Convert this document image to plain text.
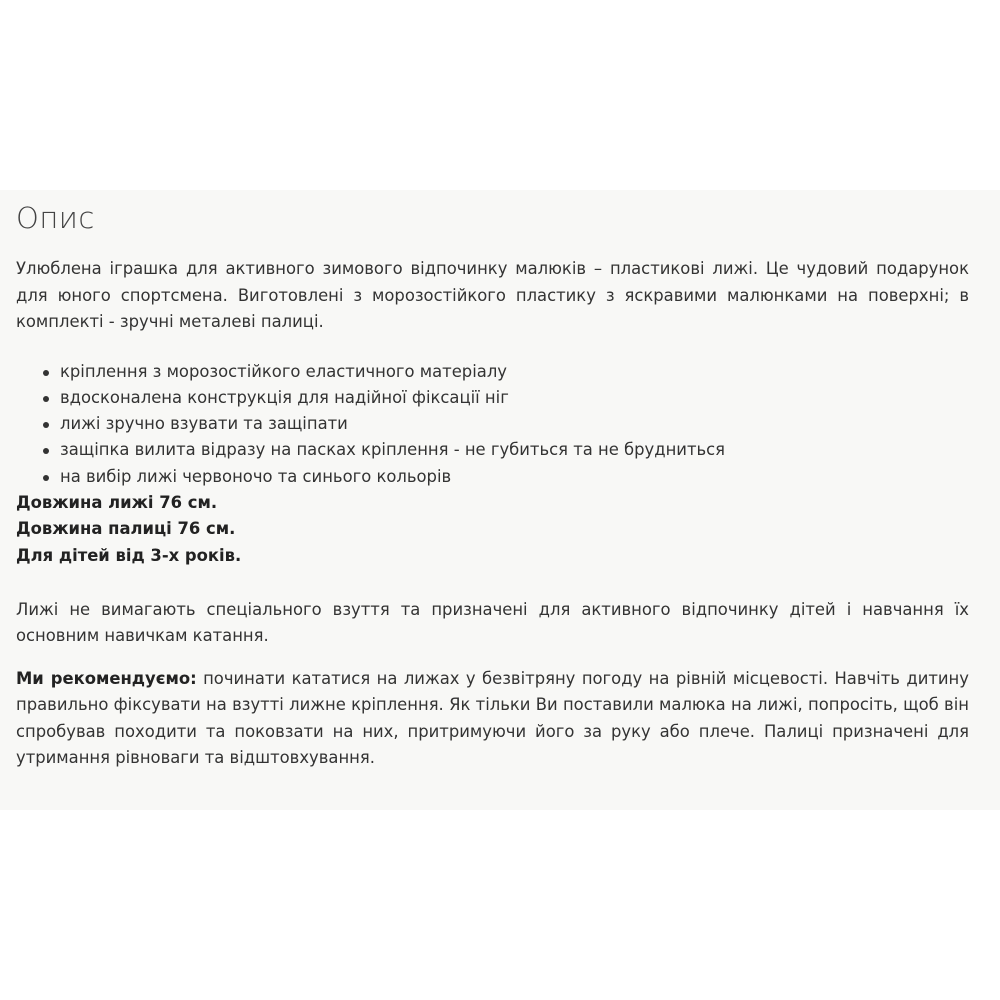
Опис

Улюблена іграшка для активного зимового відпочинку малюків – пластикові лижі. Це чудовий подарунок для юного спортсмена. Виготовлені з морозостійкого пластику з яскравими малюнками на поверхні; в комплекті - зручні металеві палиці.

кріплення з морозостійкого еластичного матеріалу
вдосконалена конструкція для надійної фіксації ніг
лижі зручно взувати та защіпати
защіпка вилита відразу на пасках кріплення - не губиться та не брудниться
на вибір лижі червоночо та синього кольорів

Довжина лижі 76 см.
Довжина палиці 76 см.
Для дітей від 3-х років.

Лижі не вимагають спеціального взуття та призначені для активного відпочинку дітей і навчання їх основним навичкам катання.

Ми рекомендуємо: починати кататися на лижах у безвітряну погоду на рівній місцевості. Навчіть дитину правильно фіксувати на взутті лижне кріплення. Як тільки Ви поставили малюка на лижі, попросіть, щоб він спробував походити та поковзати на них, притримуючи його за руку або плече. Палиці призначені для утримання рівноваги та відштовхування.
